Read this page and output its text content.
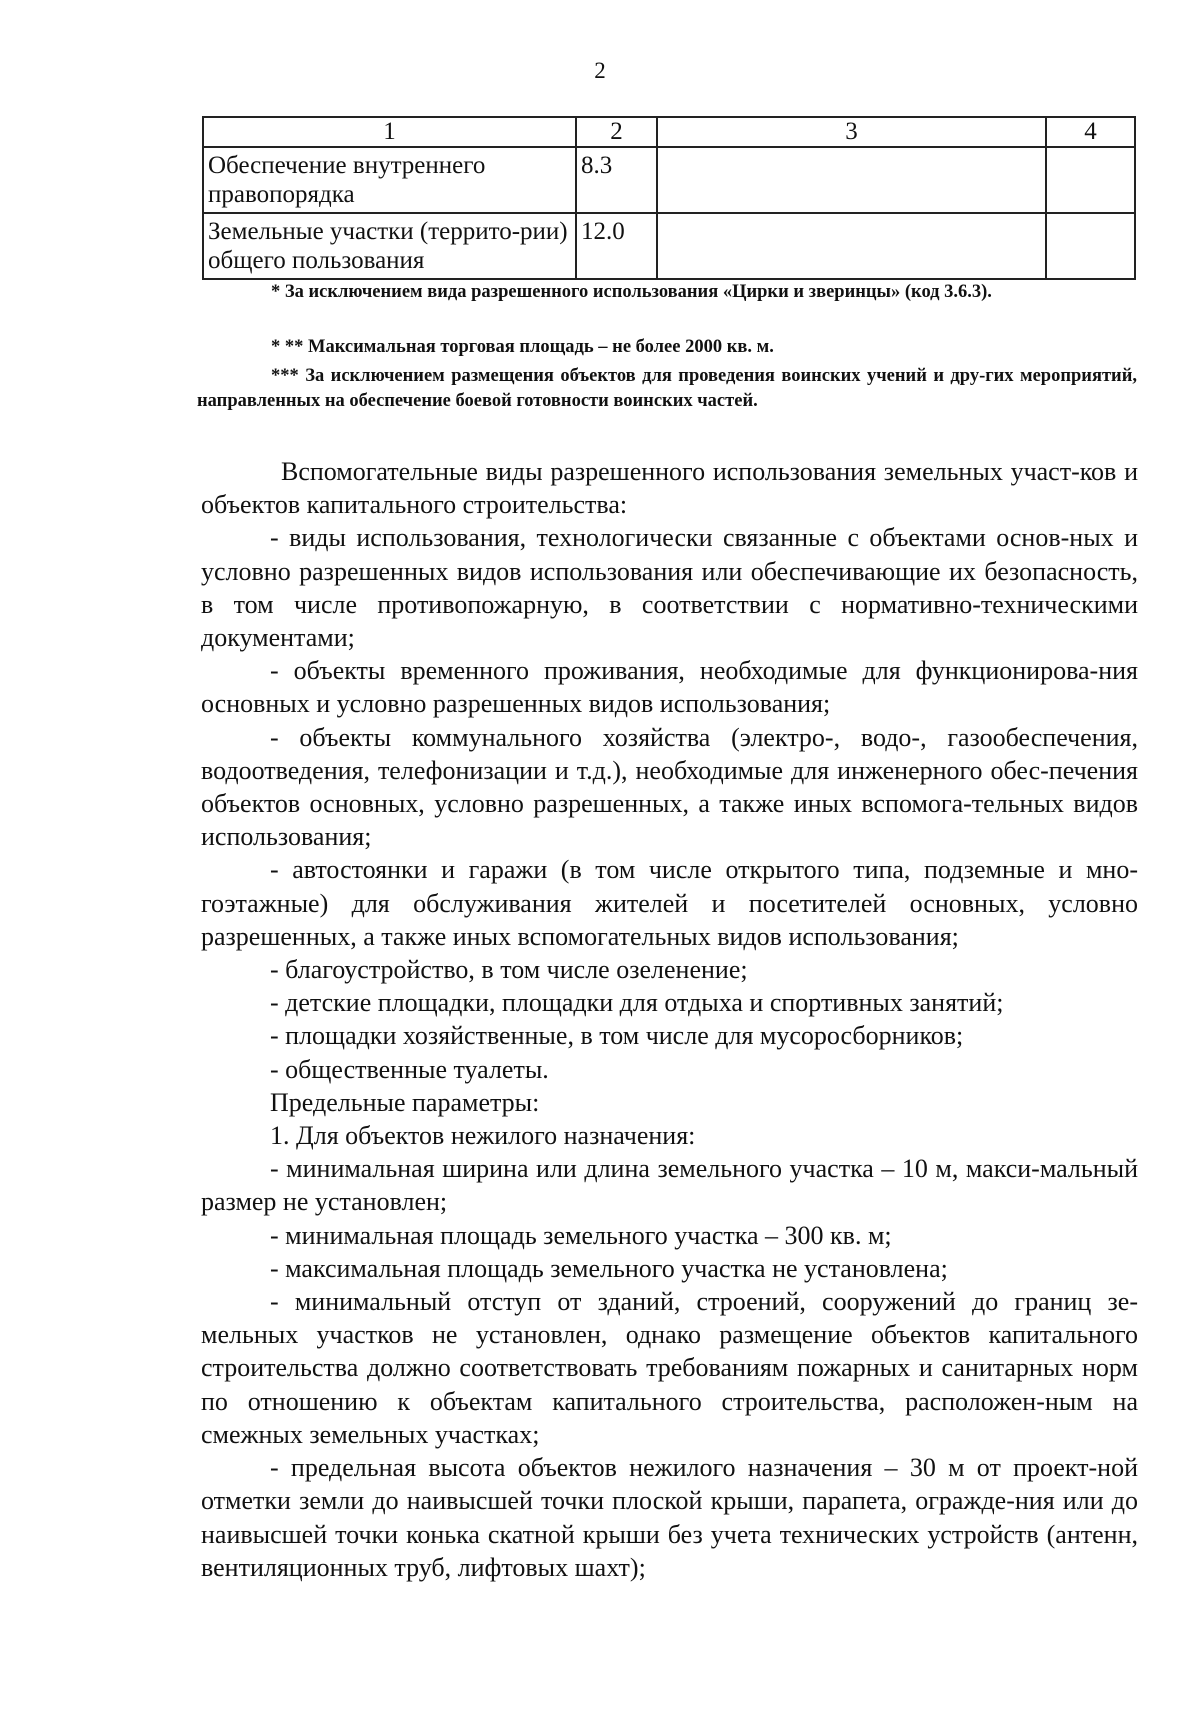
2
1	2	3	4
Обеспечение внутреннего правопорядка	8.3		
Земельные участки (террито-рии) общего пользования	12.0		
* За исключением вида разрешенного использования «Цирки и зверинцы» (код 3.6.3).
* ** Максимальная торговая площадь – не более 2000 кв. м.
*** За исключением размещения объектов для проведения воинских учений и дру-гих мероприятий, направленных на обеспечение боевой готовности воинских частей.

Вспомогательные виды разрешенного использования земельных участ-ков и объектов капитального строительства:

- виды использования, технологически связанные с объектами основ-ных и условно разрешенных видов использования или обеспечивающие их безопасность, в том числе противопожарную, в соответствии с нормативно-техническими документами;

- объекты временного проживания, необходимые для функционирова-ния основных и условно разрешенных видов использования;

- объекты коммунального хозяйства (электро-, водо-, газообеспечения, водоотведения, телефонизации и т.д.), необходимые для инженерного обес-печения объектов основных, условно разрешенных, а также иных вспомога-тельных видов использования;

- автостоянки и гаражи (в том числе открытого типа, подземные и мно-гоэтажные) для обслуживания жителей и посетителей основных, условно разрешенных, а также иных вспомогательных видов использования;

- благоустройство, в том числе озеленение;

- детские площадки, площадки для отдыха и спортивных занятий;

- площадки хозяйственные, в том числе для мусоросборников;

- общественные туалеты.

Предельные параметры:

1. Для объектов нежилого назначения:

- минимальная ширина или длина земельного участка – 10 м, макси-мальный размер не установлен;

- минимальная площадь земельного участка – 300 кв. м;

- максимальная площадь земельного участка не установлена;

- минимальный отступ от зданий, строений, сооружений до границ зе-мельных участков не установлен, однако размещение объектов капитального строительства должно соответствовать требованиям пожарных и санитарных норм по отношению к объектам капитального строительства, расположен-ным на смежных земельных участках;

- предельная высота объектов нежилого назначения – 30 м от проект-ной отметки земли до наивысшей точки плоской крыши, парапета, огражде-ния или до наивысшей точки конька скатной крыши без учета технических устройств (антенн, вентиляционных труб, лифтовых шахт);
